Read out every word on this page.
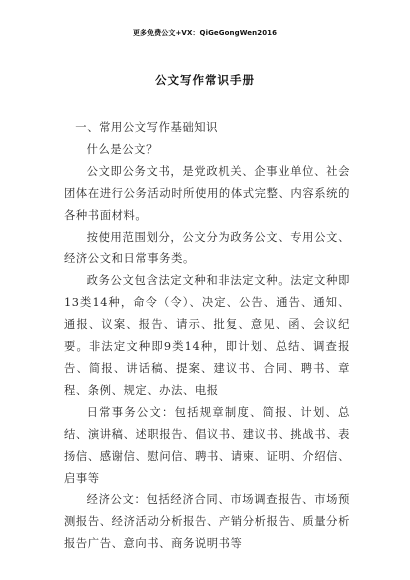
更多免费公文+VX：QiGeGongWen2016
公文写作常识手册

一、常用公文写作基础知识

什么是公文？

公文即公务文书，是党政机关、企事业单位、社会团体在进行公务活动时所使用的体式完整、内容系统的各种书面材料。

按使用范围划分，公文分为政务公文、专用公文、经济公文和日常事务类。

政务公文包含法定文种和非法定文种。法定文种即13类14种，命令（令）、决定、公告、通告、通知、通报、议案、报告、请示、批复、意见、函、会议纪要。非法定文种即9类14种，即计划、总结、调查报告、简报、讲话稿、提案、建议书、合同、聘书、章程、条例、规定、办法、电报

日常事务公文：包括规章制度、简报、计划、总结、演讲稿、述职报告、倡议书、建议书、挑战书、表扬信、感谢信、慰问信、聘书、请柬、证明、介绍信、启事等

经济公文：包括经济合同、市场调查报告、市场预测报告、经济活动分析报告、产销分析报告、质量分析报告广告、意向书、商务说明书等
